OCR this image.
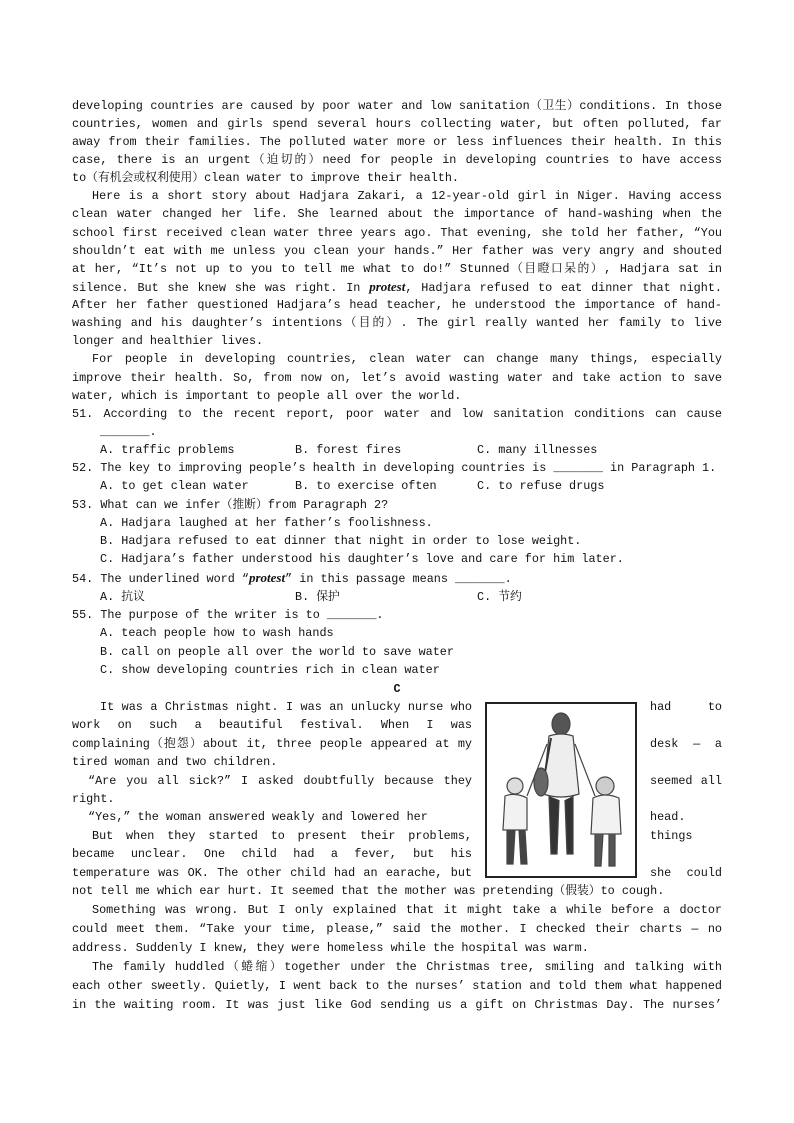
developing countries are caused by poor water and low sanitation（卫生）conditions. In those
countries, women and girls spend several hours collecting water, but often polluted, far
away from their families. The polluted water more or less influences their health. In this
case, there is an urgent（迫切的）need for people in developing countries to have access
to（有机会或权利使用）clean water to improve their health.
Here is a short story about Hadjara Zakari, a 12-year-old girl in Niger. Having access
clean water changed her life. She learned about the importance of hand-washing when the
school first received clean water three years ago. That evening, she told her father, “You
shouldn’t eat with me unless you clean your hands.” Her father was very angry and shouted
at her, “It’s not up to you to tell me what to do!” Stunned（目瞪口呆的）, Hadjara sat in
silence. But she knew she was right. In protest, Hadjara refused to eat dinner that night.
After her father questioned Hadjara’s head teacher, he understood the importance of hand-
washing and his daughter’s intentions（目的）. The girl really wanted her family to live
longer and healthier lives.
For people in developing countries, clean water can change many things, especially
improve their health. So, from now on, let’s avoid wasting water and take action to save
water, which is important to people all over the world.
51. According to the recent report, poor water and low sanitation conditions can cause
_______.
A. traffic problems	B. forest fires	C. many illnesses
52. The key to improving people’s health in developing countries is _______ in Paragraph 1.
A. to get clean water	B. to exercise often	C. to refuse drugs
53. What can we infer（推断）from Paragraph 2?
A. Hadjara laughed at her father’s foolishness.
B. Hadjara refused to eat dinner that night in order to lose weight.
C. Hadjara’s father understood his daughter’s love and care for him later.
54. The underlined word “protest” in this passage means _______.
A. 抗议	B. 保护	C. 节约
55. The purpose of the writer is to _______.
A. teach people how to wash hands
B. call on people all over the world to save water
C. show developing countries rich in clean water
C
It was a Christmas night. I was an unlucky nurse who	had to
work on such a beautiful festival. When I was
complaining（抱怨）about it, three people appeared at my	desk — a
tired woman and two children.
“Are you all sick?” I asked doubtfully because they	seemed all
right.
“Yes,” the woman answered weakly and lowered her	head.
But when they started to present their problems,	things
became unclear. One child had a fever, but his
temperature was OK. The other child had an earache, but	she could
not tell me which ear hurt. It seemed that the mother was pretending（假装）to cough.
Something was wrong. But I only explained that it might take a while before a doctor
could meet them. “Take your time, please,” said the mother. I checked their charts — no
address. Suddenly I knew, they were homeless while the hospital was warm.
The family huddled（蜷缩）together under the Christmas tree, smiling and talking with
each other sweetly. Quietly, I went back to the nurses’ station and told them what happened
in the waiting room. It was just like God sending us a gift on Christmas Day. The nurses’
